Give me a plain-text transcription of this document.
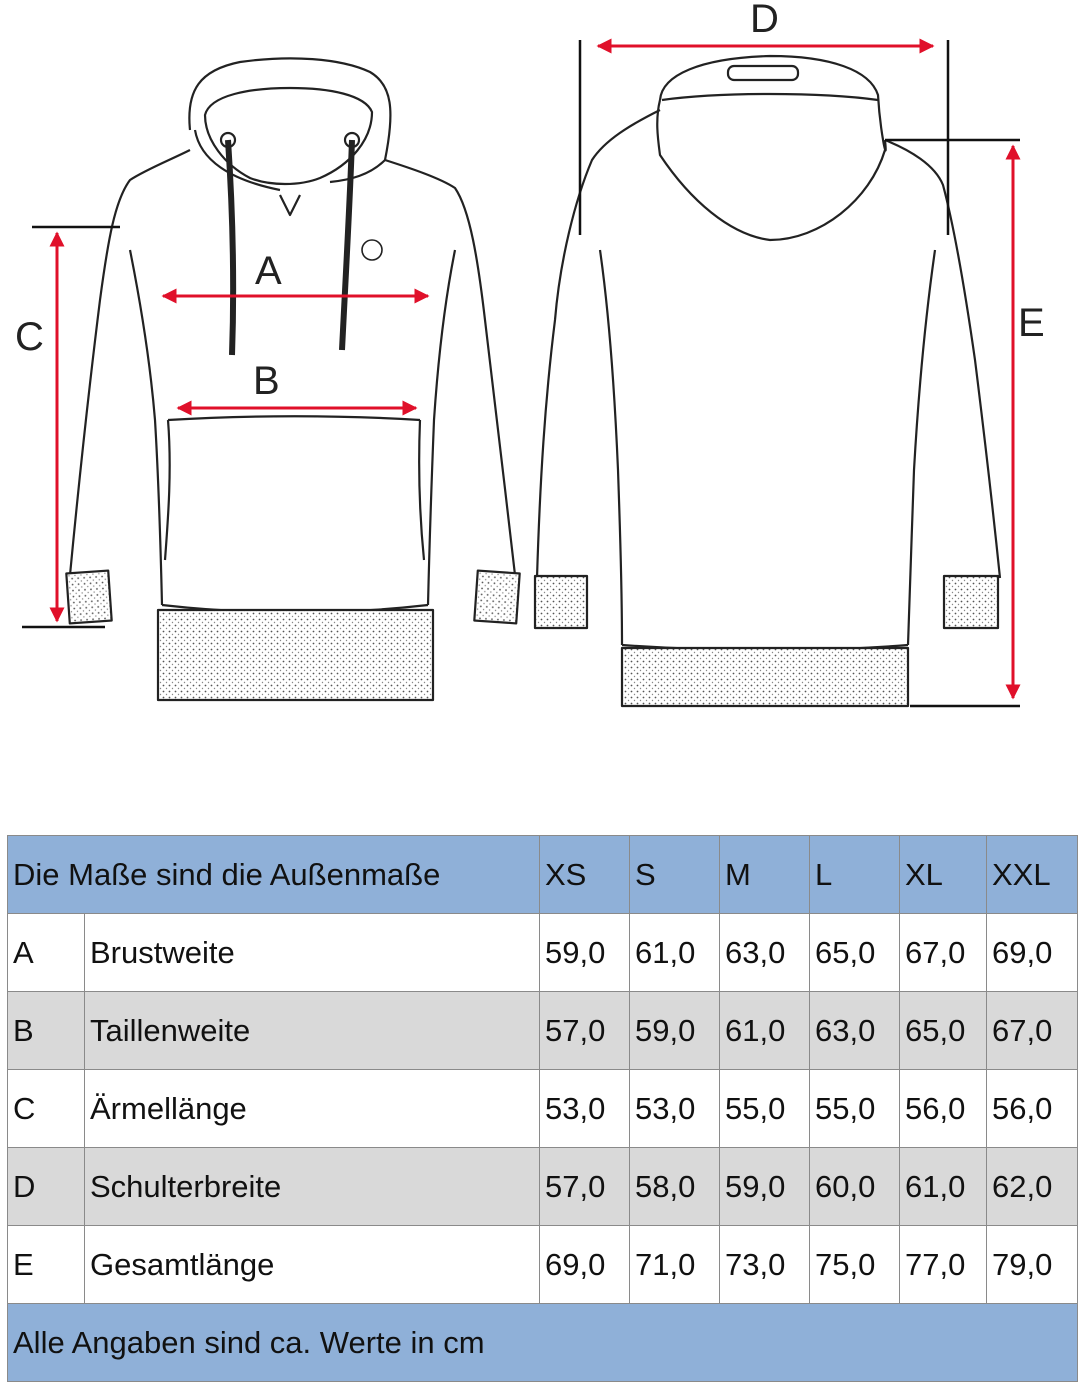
A
B
C
D
E
Die Maße sind die Außenmaße		XS	S	M	L	XL	XXL
A	Brustweite	59,0	61,0	63,0	65,0	67,0	69,0
B	Taillenweite	57,0	59,0	61,0	63,0	65,0	67,0
C	Ärmellänge	53,0	53,0	55,0	55,0	56,0	56,0
D	Schulterbreite	57,0	58,0	59,0	60,0	61,0	62,0
E	Gesamtlänge	69,0	71,0	73,0	75,0	77,0	79,0
Alle Angaben sind ca. Werte in cm							
